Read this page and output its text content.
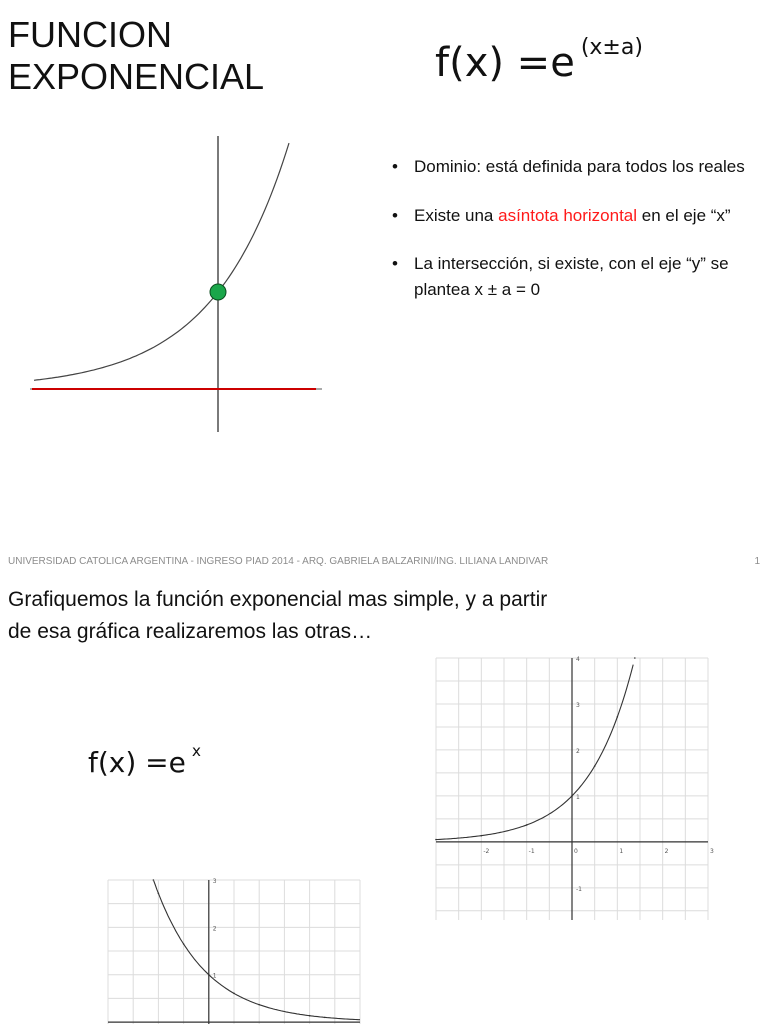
FUNCION
EXPONENCIAL	f(x) =e $^{(x\pm a)}$
• Dominio: está definida para todos los reales
• Existe una asíntota horizontal en el eje “x”
• La intersección, si existe, con el eje “y” se plantea x ± a = 0
UNIVERSIDAD CATOLICA ARGENTINA - INGRESO PIAD 2014 - ARQ. GABRIELA BALZARINI/ING. LILIANA LANDIVAR	1

Grafiquemos la función exponencial mas simple, y a partir de esa gráfica realizaremos las otras…

f(x) =e $^x$
-2	-1	0	1	2	3
-1
1
2
3
4
1
2
3
